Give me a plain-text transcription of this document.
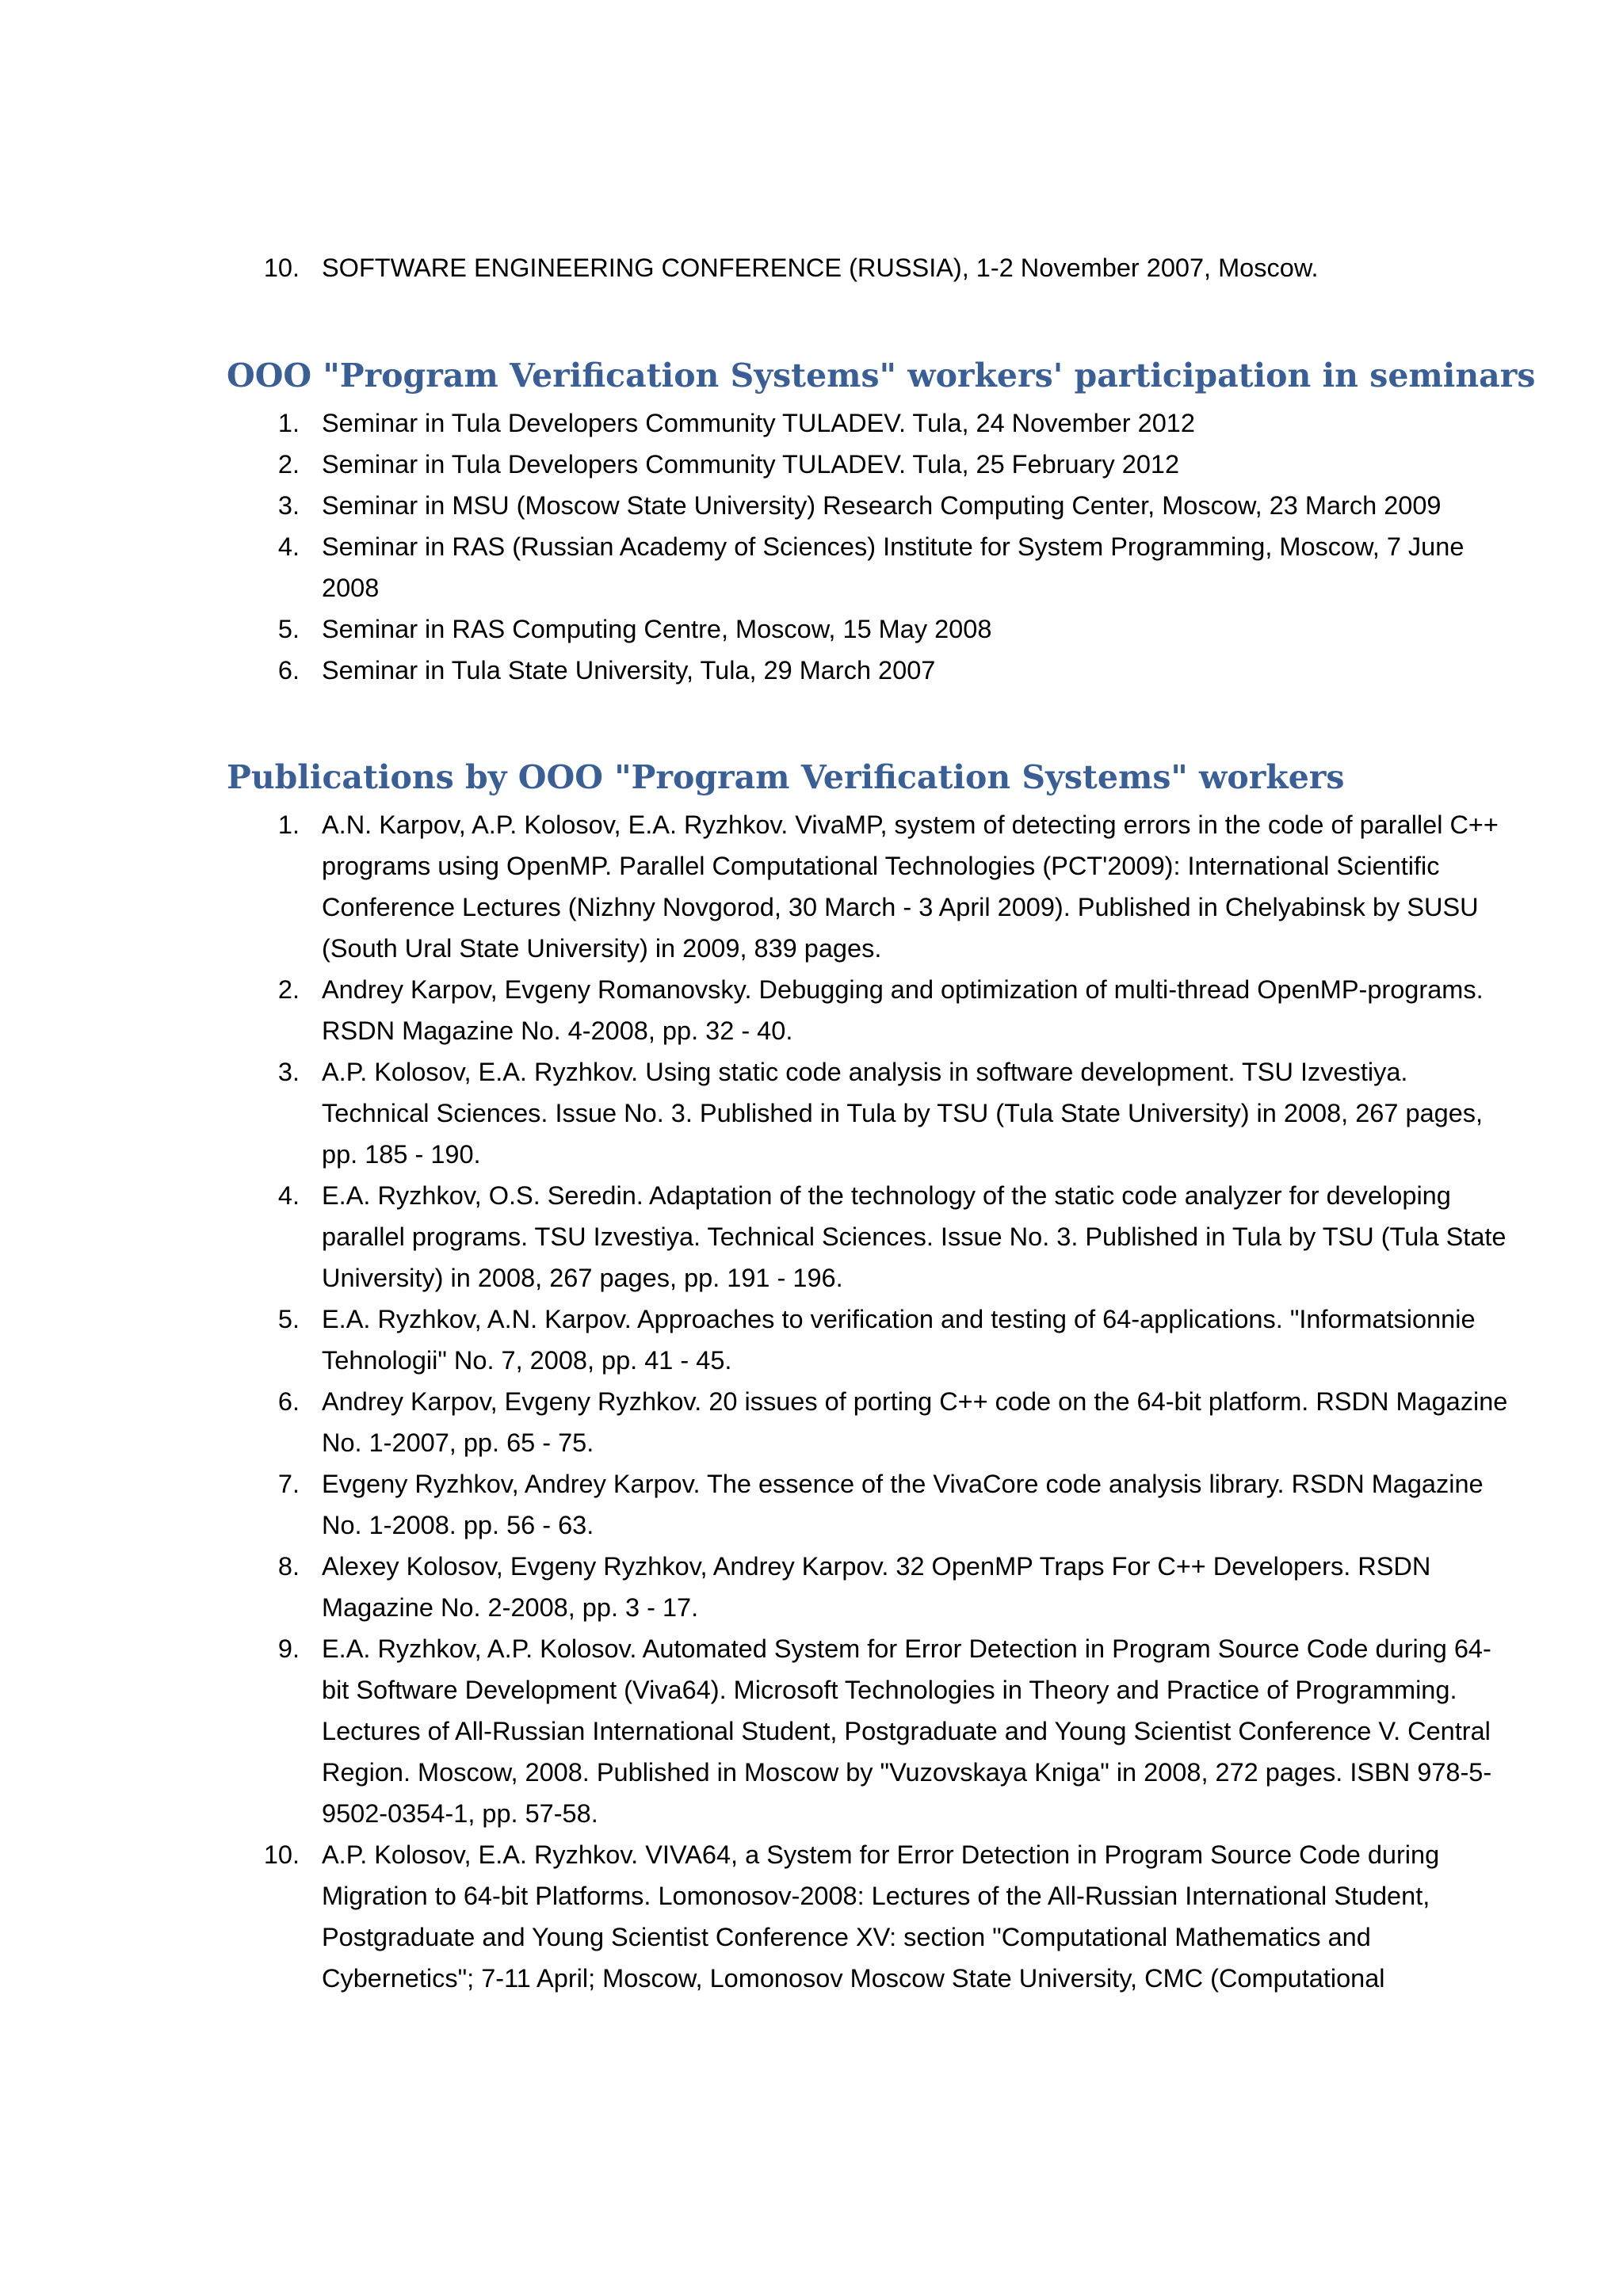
10. SOFTWARE ENGINEERING CONFERENCE (RUSSIA), 1-2 November 2007, Moscow.
OOO "Program Verification Systems" workers' participation in seminars
1. Seminar in Tula Developers Community TULADEV. Tula, 24 November 2012
2. Seminar in Tula Developers Community TULADEV. Tula, 25 February 2012
3. Seminar in MSU (Moscow State University) Research Computing Center, Moscow, 23 March 2009
4. Seminar in RAS (Russian Academy of Sciences) Institute for System Programming, Moscow, 7 June 2008
5. Seminar in RAS Computing Centre, Moscow, 15 May 2008
6. Seminar in Tula State University, Tula, 29 March 2007
Publications by OOO "Program Verification Systems" workers
1. A.N. Karpov, A.P. Kolosov, E.A. Ryzhkov. VivaMP, system of detecting errors in the code of parallel C++ programs using OpenMP. Parallel Computational Technologies (PCT'2009): International Scientific Conference Lectures (Nizhny Novgorod, 30 March - 3 April 2009). Published in Chelyabinsk by SUSU (South Ural State University) in 2009, 839 pages.
2. Andrey Karpov, Evgeny Romanovsky. Debugging and optimization of multi-thread OpenMP-programs. RSDN Magazine No. 4-2008, pp. 32 - 40.
3. A.P. Kolosov, E.A. Ryzhkov. Using static code analysis in software development. TSU Izvestiya. Technical Sciences. Issue No. 3. Published in Tula by TSU (Tula State University) in 2008, 267 pages, pp. 185 - 190.
4. E.A. Ryzhkov, O.S. Seredin. Adaptation of the technology of the static code analyzer for developing parallel programs. TSU Izvestiya. Technical Sciences. Issue No. 3. Published in Tula by TSU (Tula State University) in 2008, 267 pages, pp. 191 - 196.
5. E.A. Ryzhkov, A.N. Karpov. Approaches to verification and testing of 64-applications. "Informatsionnie Tehnologii" No. 7, 2008, pp. 41 - 45.
6. Andrey Karpov, Evgeny Ryzhkov. 20 issues of porting C++ code on the 64-bit platform. RSDN Magazine No. 1-2007, pp. 65 - 75.
7. Evgeny Ryzhkov, Andrey Karpov. The essence of the VivaCore code analysis library. RSDN Magazine No. 1-2008. pp. 56 - 63.
8. Alexey Kolosov, Evgeny Ryzhkov, Andrey Karpov. 32 OpenMP Traps For C++ Developers. RSDN Magazine No. 2-2008, pp. 3 - 17.
9. E.A. Ryzhkov, A.P. Kolosov. Automated System for Error Detection in Program Source Code during 64-bit Software Development (Viva64). Microsoft Technologies in Theory and Practice of Programming. Lectures of All-Russian International Student, Postgraduate and Young Scientist Conference V. Central Region. Moscow, 2008. Published in Moscow by "Vuzovskaya Kniga" in 2008, 272 pages. ISBN 978-5-9502-0354-1, pp. 57-58.
10. A.P. Kolosov, E.A. Ryzhkov. VIVA64, a System for Error Detection in Program Source Code during Migration to 64-bit Platforms. Lomonosov-2008: Lectures of the All-Russian International Student, Postgraduate and Young Scientist Conference XV: section "Computational Mathematics and Cybernetics"; 7-11 April; Moscow, Lomonosov Moscow State University, CMC (Computational
